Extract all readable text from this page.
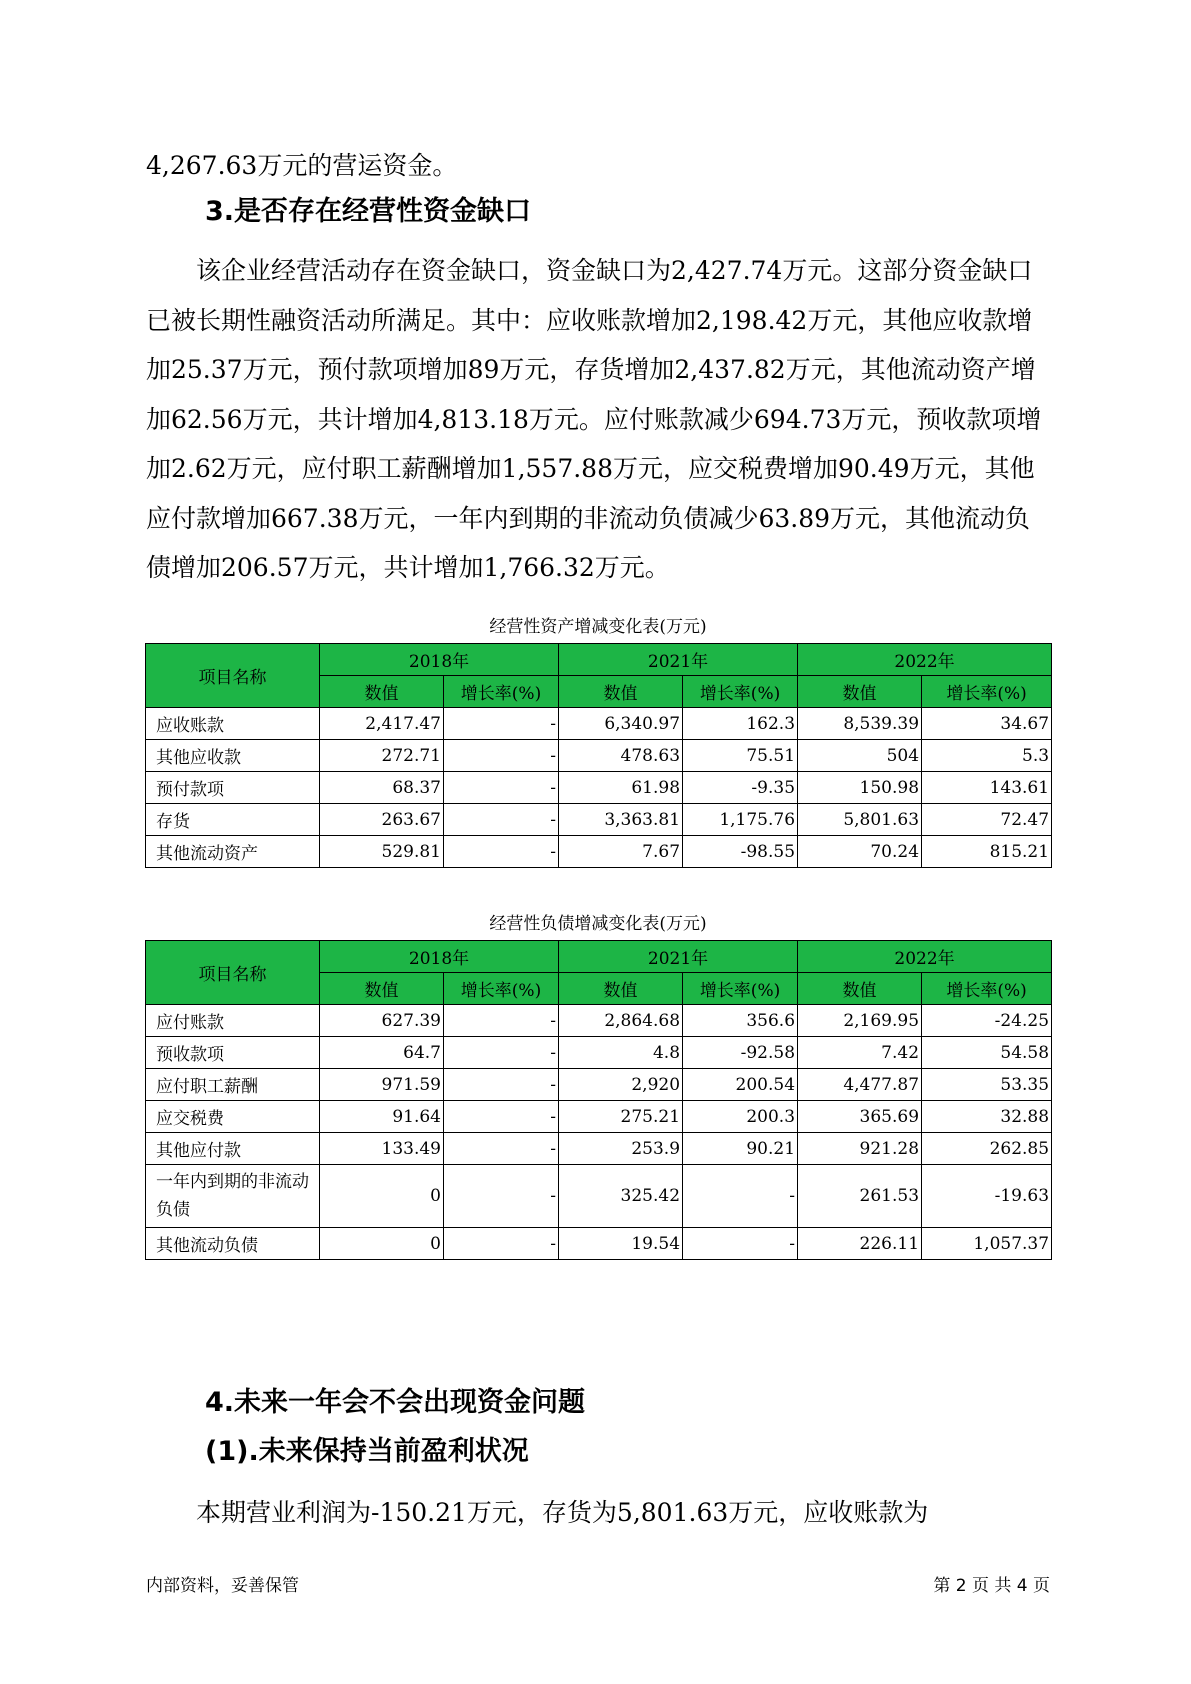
4,267.63万元的营运资金。

3.是否存在经营性资金缺口

该企业经营活动存在资金缺口，资金缺口为2,427.74万元。这部分资金缺口已被长期性融资活动所满足。其中：应收账款增加2,198.42万元，其他应收款增加25.37万元，预付款项增加89万元，存货增加2,437.82万元，其他流动资产增加62.56万元，共计增加4,813.18万元。应付账款减少694.73万元，预收款项增加2.62万元，应付职工薪酬增加1,557.88万元，应交税费增加90.49万元，其他应付款增加667.38万元，一年内到期的非流动负债减少63.89万元，其他流动负债增加206.57万元，共计增加1,766.32万元。

经营性资产增减变化表(万元)
项目名称	2018年		2021年		2022年	
	数值	增长率(%)	数值	增长率(%)	数值	增长率(%)
应收账款	2,417.47	-	6,340.97	162.3	8,539.39	34.67
其他应收款	272.71	-	478.63	75.51	504	5.3
预付款项	68.37	-	61.98	-9.35	150.98	143.61
存货	263.67	-	3,363.81	1,175.76	5,801.63	72.47
其他流动资产	529.81	-	7.67	-98.55	70.24	815.21
经营性负债增减变化表(万元)
项目名称	2018年		2021年		2022年	
	数值	增长率(%)	数值	增长率(%)	数值	增长率(%)
应付账款	627.39	-	2,864.68	356.6	2,169.95	-24.25
预收款项	64.7	-	4.8	-92.58	7.42	54.58
应付职工薪酬	971.59	-	2,920	200.54	4,477.87	53.35
应交税费	91.64	-	275.21	200.3	365.69	32.88
其他应付款	133.49	-	253.9	90.21	921.28	262.85
一年内到期的非流动负债	0	-	325.42	-	261.53	-19.63
其他流动负债	0	-	19.54	-	226.11	1,057.37
4.未来一年会不会出现资金问题
(1).未来保持当前盈利状况

本期营业利润为-150.21万元，存货为5,801.63万元，应收账款为

内部资料，妥善保管	第 2 页 共 4 页
